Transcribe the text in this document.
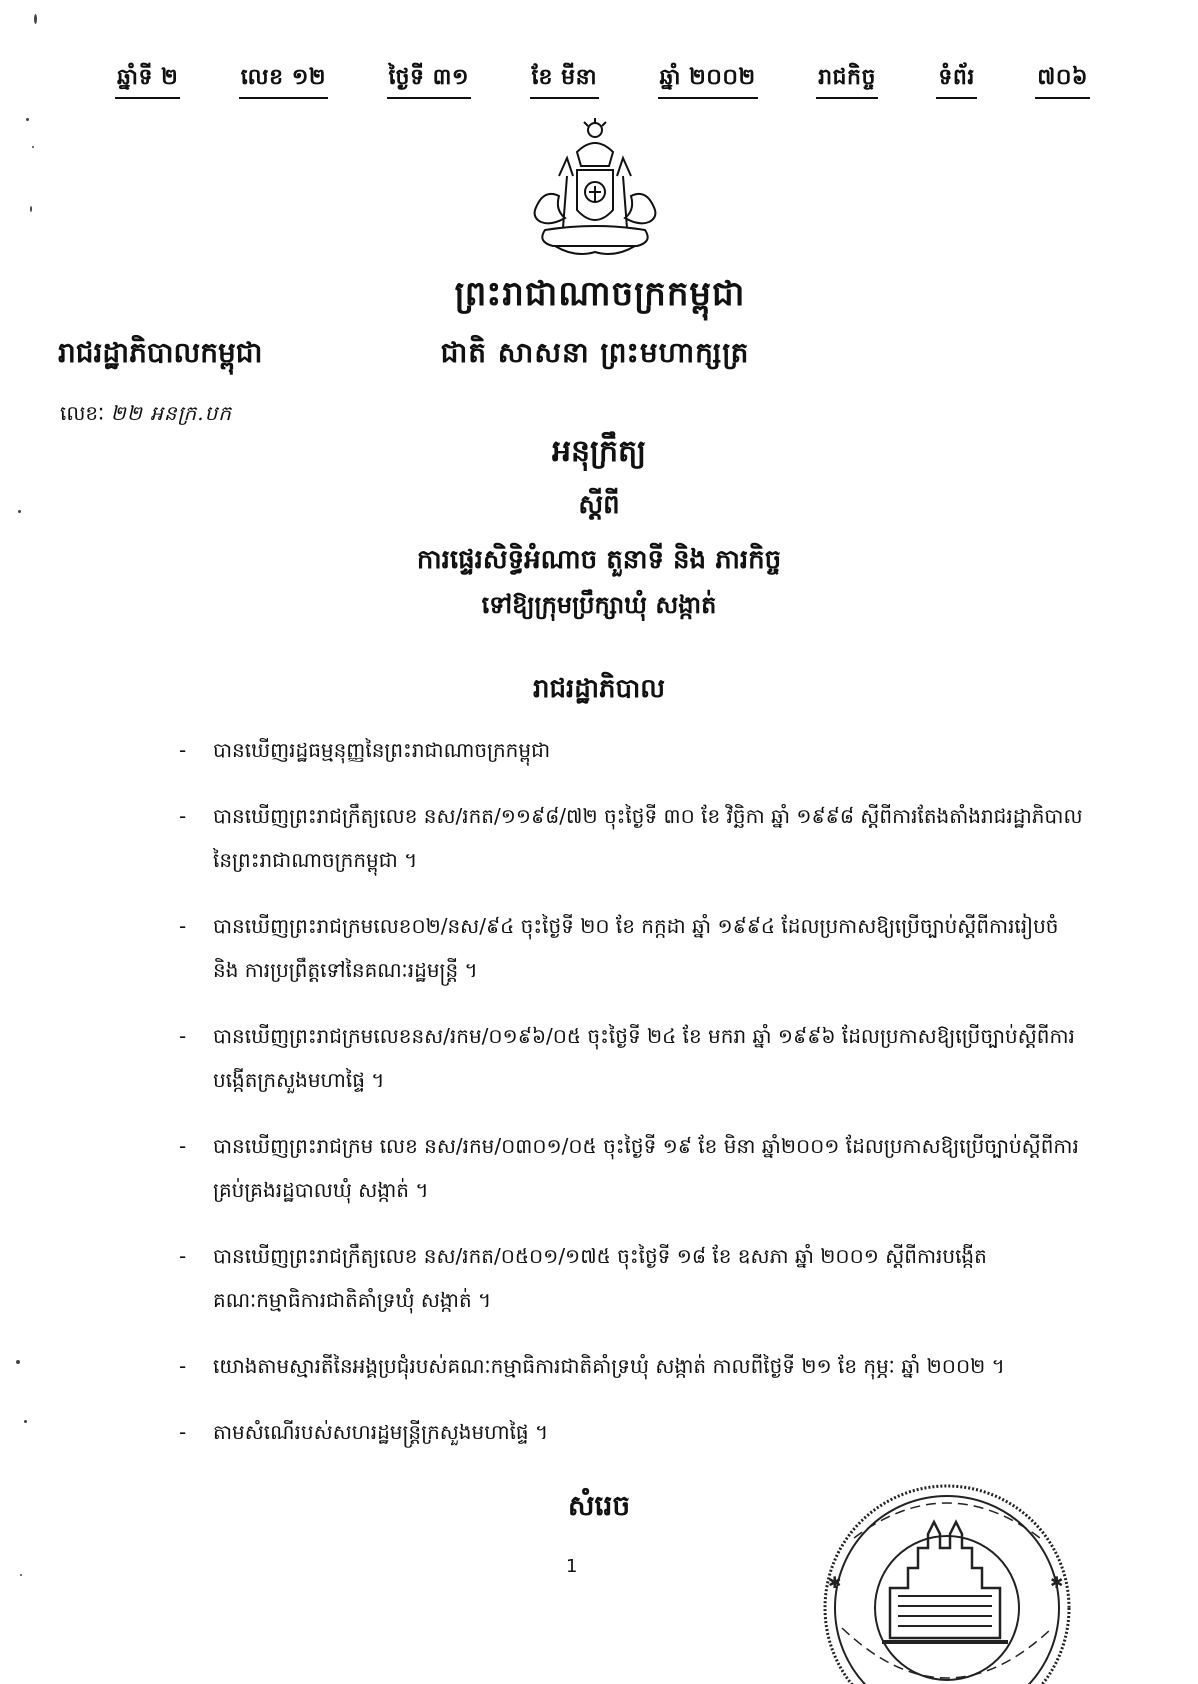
ឆ្នាំទី ២	លេខ ១២	ថ្ងៃទី ៣១	ខែ មីនា	ឆ្នាំ ២០០២	រាជកិច្ច	ទំព័រ	៧០៦
ព្រះរាជាណាចក្រកម្ពុជា
រាជរដ្ឋាភិបាលកម្ពុជា	ជាតិ សាសនា ព្រះមហាក្សត្រ
លេខៈ ២២ អនក្រ.បក
អនុក្រឹត្យ
ស្តីពី
ការផ្ទេរសិទ្ធិអំណាច តួនាទី និង ភារកិច្ច
ទៅឱ្យក្រុមប្រឹក្សាឃុំ សង្កាត់
រាជរដ្ឋាភិបាល
- បានឃើញរដ្ឋធម្មនុញ្ញនៃព្រះរាជាណាចក្រកម្ពុជា
- បានឃើញព្រះរាជក្រឹត្យលេខ នស/រកត/១១៩៨/៧២ ចុះថ្ងៃទី ៣០ ខែ វិច្ឆិកា ឆ្នាំ ១៩៩៨ ស្តីពីការតែងតាំងរាជរដ្ឋាភិបាលនៃព្រះរាជាណាចក្រកម្ពុជា ។
- បានឃើញព្រះរាជក្រមលេខ០២/នស/៩៤ ចុះថ្ងៃទី ២០ ខែ កក្កដា ឆ្នាំ ១៩៩៤ ដែលប្រកាសឱ្យប្រើច្បាប់ស្តីពីការរៀបចំ និង ការប្រព្រឹត្តទៅនៃគណៈរដ្ឋមន្ត្រី ។
- បានឃើញព្រះរាជក្រមលេខនស/រកម/០១៩៦/០៥ ចុះថ្ងៃទី ២៤ ខែ មករា ឆ្នាំ ១៩៩៦ ដែលប្រកាសឱ្យប្រើច្បាប់ស្តីពីការបង្កើតក្រសួងមហាផ្ទៃ ។
- បានឃើញព្រះរាជក្រម លេខ នស/រកម/០៣០១/០៥ ចុះថ្ងៃទី ១៩ ខែ មិនា ឆ្នាំ២០០១ ដែលប្រកាសឱ្យប្រើច្បាប់ស្តីពីការគ្រប់គ្រងរដ្ឋបាលឃុំ សង្កាត់ ។
- បានឃើញព្រះរាជក្រឹត្យលេខ នស/រកត/០៥០១/១៧៥ ចុះថ្ងៃទី ១៨ ខែ ឧសភា ឆ្នាំ ២០០១ ស្តីពីការបង្កើតគណៈកម្មាធិការជាតិគាំទ្រឃុំ សង្កាត់ ។
- យោងតាមស្មារតីនៃអង្គប្រជុំរបស់គណៈកម្មាធិការជាតិគាំទ្រឃុំ សង្កាត់ កាលពីថ្ងៃទី ២១ ខែ កុម្ភៈ ឆ្នាំ ២០០២ ។
- តាមសំណើរបស់សហរដ្ឋមន្ត្រីក្រសួងមហាផ្ទៃ ។
សំរេច
1
✱	✱
